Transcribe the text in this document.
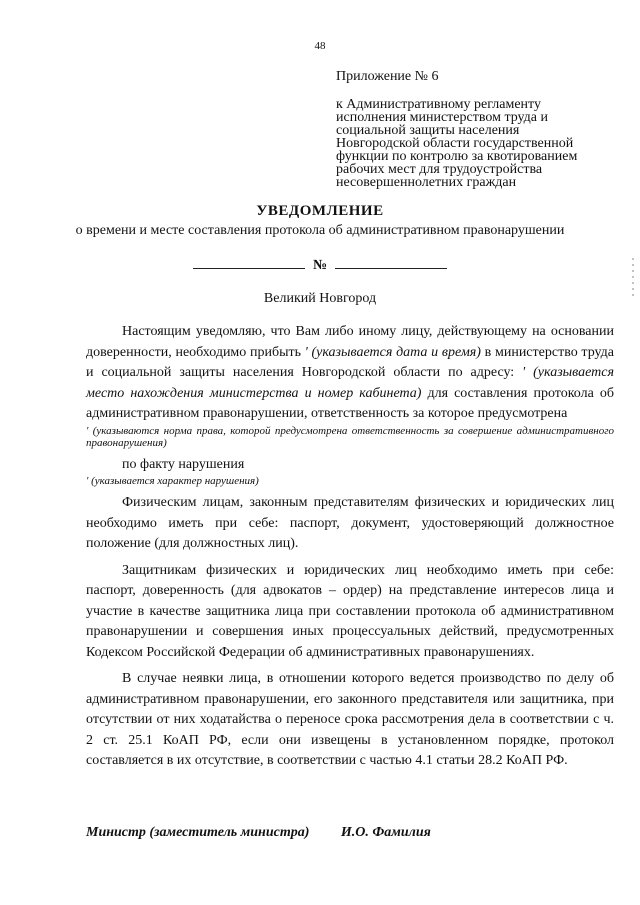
48
Приложение № 6
к Административному регламенту исполнения министерством труда и социальной защиты населения Новгородской области государственной функции по контролю за квотированием рабочих мест для трудоустройства несовершеннолетних граждан
УВЕДОМЛЕНИЕ
о времени и месте составления протокола об административном правонарушении
№
Великий Новгород

Настоящим уведомляю, что Вам либо иному лицу, действующему на основании доверенности, необходимо прибыть ' (указывается дата и время) в министерство труда и социальной защиты населения Новгородской области по адресу: ' (указывается место нахождения министерства и номер кабинета) для составления протокола об административном правонарушении, ответственность за которое предусмотрена

' (указываются норма права, которой предусмотрена ответственность за совершение административного правонарушения)

по факту нарушения

' (указывается характер нарушения)

Физическим лицам, законным представителям физических и юридических лиц необходимо иметь при себе: паспорт, документ, удостоверяющий должностное положение (для должностных лиц).

Защитникам физических и юридических лиц необходимо иметь при себе: паспорт, доверенность (для адвокатов – ордер) на представление интересов лица и участие в качестве защитника лица при составлении протокола об административном правонарушении и совершения иных процессуальных действий, предусмотренных Кодексом Российской Федерации об административных правонарушениях.

В случае неявки лица, в отношении которого ведется производство по делу об административном правонарушении, его законного представителя или защитника, при отсутствии от них ходатайства о переносе срока рассмотрения дела в соответствии с ч. 2 ст. 25.1 КоАП РФ, если они извещены в установленном порядке, протокол составляется в их отсутствие, в соответствии с частью 4.1 статьи 28.2 КоАП РФ.

Министр (заместитель министра) И.О. Фамилия
